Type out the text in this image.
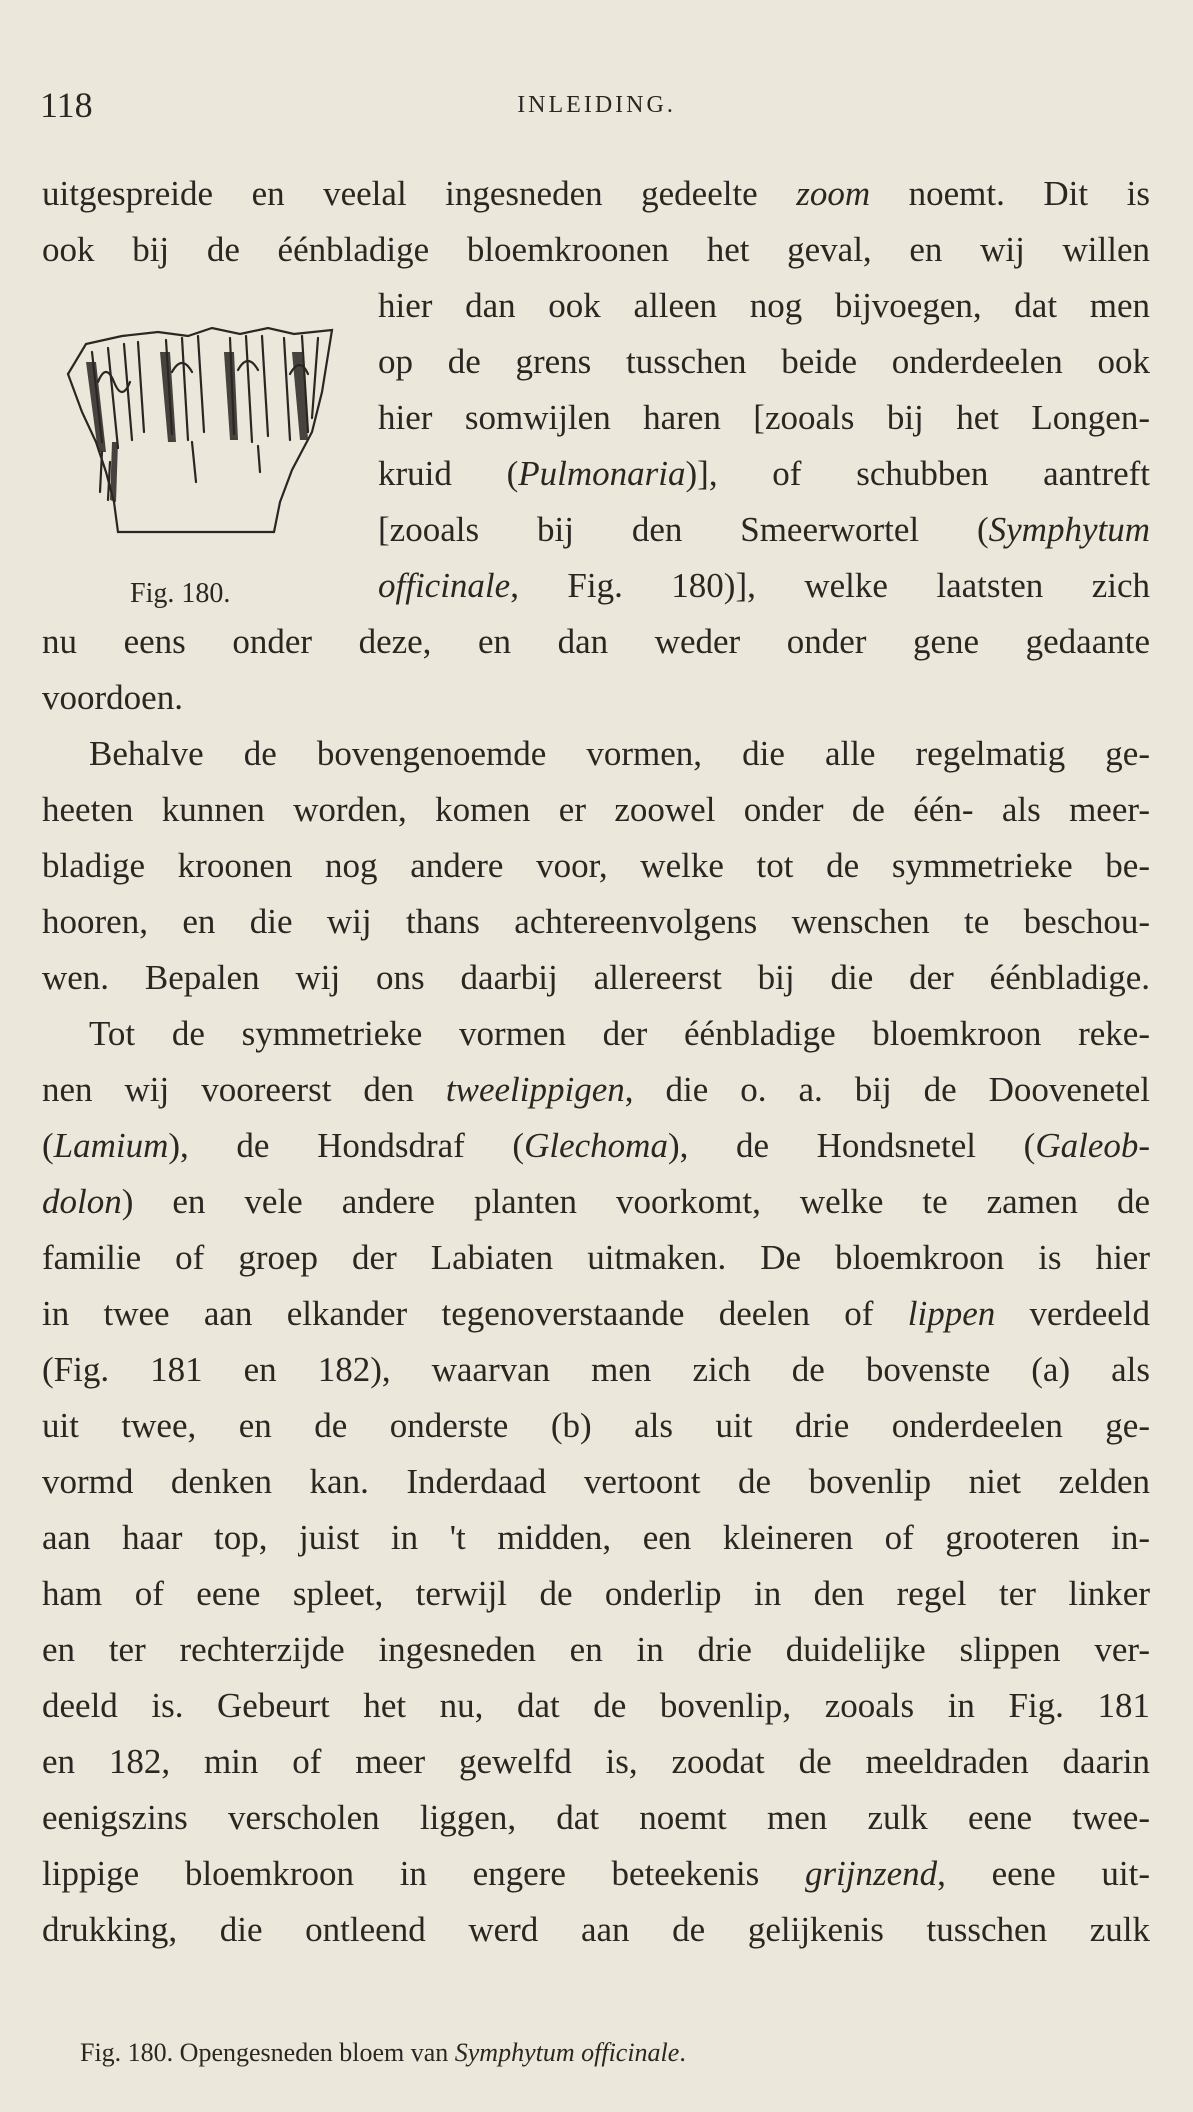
118	INLEIDING.
Fig. 180.
uitgespreide en veelal ingesneden gedeelte zoom noemt. Dit is
ook bij de éénbladige bloemkroonen het geval, en wij willen
hier dan ook alleen nog bijvoegen, dat men
op de grens tusschen beide onderdeelen ook
hier somwijlen haren [zooals bij het Longen-
kruid (Pulmonaria)], of schubben aantreft
[zooals bij den Smeerwortel (Symphytum
officinale, Fig. 180)], welke laatsten zich
nu eens onder deze, en dan weder onder gene gedaante
voordoen.
Behalve de bovengenoemde vormen, die alle regelmatig ge-
heeten kunnen worden, komen er zoowel onder de één- als meer-
bladige kroonen nog andere voor, welke tot de symmetrieke be-
hooren, en die wij thans achtereenvolgens wenschen te beschou-
wen. Bepalen wij ons daarbij allereerst bij die der éénbladige.
Tot de symmetrieke vormen der éénbladige bloemkroon reke-
nen wij vooreerst den tweelippigen, die o. a. bij de Doovenetel
(Lamium), de Hondsdraf (Glechoma), de Hondsnetel (Galeob-
dolon) en vele andere planten voorkomt, welke te zamen de
familie of groep der Labiaten uitmaken. De bloemkroon is hier
in twee aan elkander tegenoverstaande deelen of lippen verdeeld
(Fig. 181 en 182), waarvan men zich de bovenste (a) als
uit twee, en de onderste (b) als uit drie onderdeelen ge-
vormd denken kan. Inderdaad vertoont de bovenlip niet zelden
aan haar top, juist in 't midden, een kleineren of grooteren in-
ham of eene spleet, terwijl de onderlip in den regel ter linker
en ter rechterzijde ingesneden en in drie duidelijke slippen ver-
deeld is. Gebeurt het nu, dat de bovenlip, zooals in Fig. 181
en 182, min of meer gewelfd is, zoodat de meeldraden daarin
eenigszins verscholen liggen, dat noemt men zulk eene twee-
lippige bloemkroon in engere beteekenis grijnzend, eene uit-
drukking, die ontleend werd aan de gelijkenis tusschen zulk
Fig. 180. Opengesneden bloem van Symphytum officinale.
